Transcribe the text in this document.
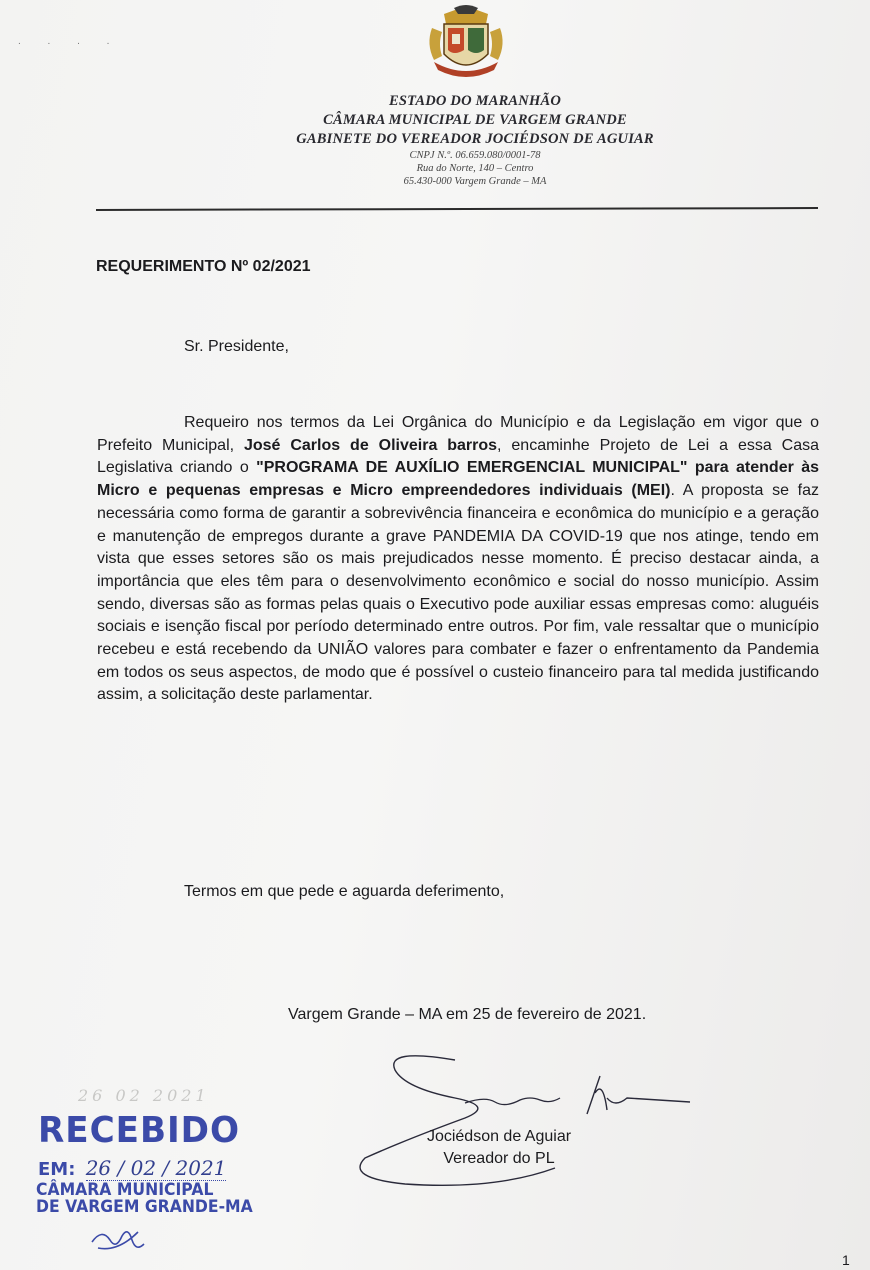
. . . .
ESTADO DO MARANHÃO
CÂMARA MUNICIPAL DE VARGEM GRANDE
GABINETE DO VEREADOR JOCIÉDSON DE AGUIAR
CNPJ N.º. 06.659.080/0001-78
Rua do Norte, 140 – Centro
65.430-000 Vargem Grande – MA
REQUERIMENTO Nº 02/2021
Sr. Presidente,

Requeiro nos termos da Lei Orgânica do Município e da Legislação em vigor que o Prefeito Municipal, José Carlos de Oliveira barros, encaminhe Projeto de Lei a essa Casa Legislativa criando o "PROGRAMA DE AUXÍLIO EMERGENCIAL MUNICIPAL" para atender às Micro e pequenas empresas e Micro empreendedores individuais (MEI). A proposta se faz necessária como forma de garantir a sobrevivência financeira e econômica do município e a geração e manutenção de empregos durante a grave PANDEMIA DA COVID-19 que nos atinge, tendo em vista que esses setores são os mais prejudicados nesse momento. É preciso destacar ainda, a importância que eles têm para o desenvolvimento econômico e social do nosso município. Assim sendo, diversas são as formas pelas quais o Executivo pode auxiliar essas empresas como: aluguéis sociais e isenção fiscal por período determinado entre outros. Por fim, vale ressaltar que o município recebeu e está recebendo da UNIÃO valores para combater e fazer o enfrentamento da Pandemia em todos os seus aspectos, de modo que é possível o custeio financeiro para tal medida justificando assim, a solicitação deste parlamentar.

Termos em que pede e aguarda deferimento,
Vargem Grande – MA em 25 de fevereiro de 2021.
Jociédson de Aguiar
Vereador do PL
26 02 2021
RECEBIDO
EM: 26 / 02 / 2021
CÂMARA MUNICIPAL
DE VARGEM GRANDE-MA
1
